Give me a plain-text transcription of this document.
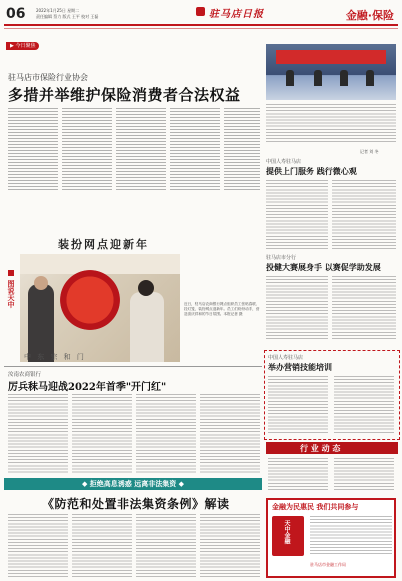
06	2022年1月25日 星期二
责任编辑 蔡力 版式 王平 校对 王磊	驻马店日报	金融·保险
▶ 今日聚焦
驻马店市保险行业协会
多措并举维护保险消费者合法权益
记者 刘 冬
中国人寿驻马店
提供上门服务 践行微心观
驻马店市分行
投健大赛展身手 以赛促学助发展
装扮网点迎新年
图说天中
中 东 宗 和 门
近日，驻马店农商银行网点组织员工张贴春联、挂灯笼，装扮网点迎新年。员工们纷纷动手，营造喜庆祥和的节日氛围。本报记者 摄
汝南农商银行
厉兵秣马迎战2022年首季"开门红"
中国人寿驻马店
举办营销技能培训
◆ 拒绝高息诱惑 远离非法集资 ◆
行 业 动 态
《防范和处置非法集资条例》解读	金融为民惠民 我们共同参与
天中金融
驻马店市金融工作局
